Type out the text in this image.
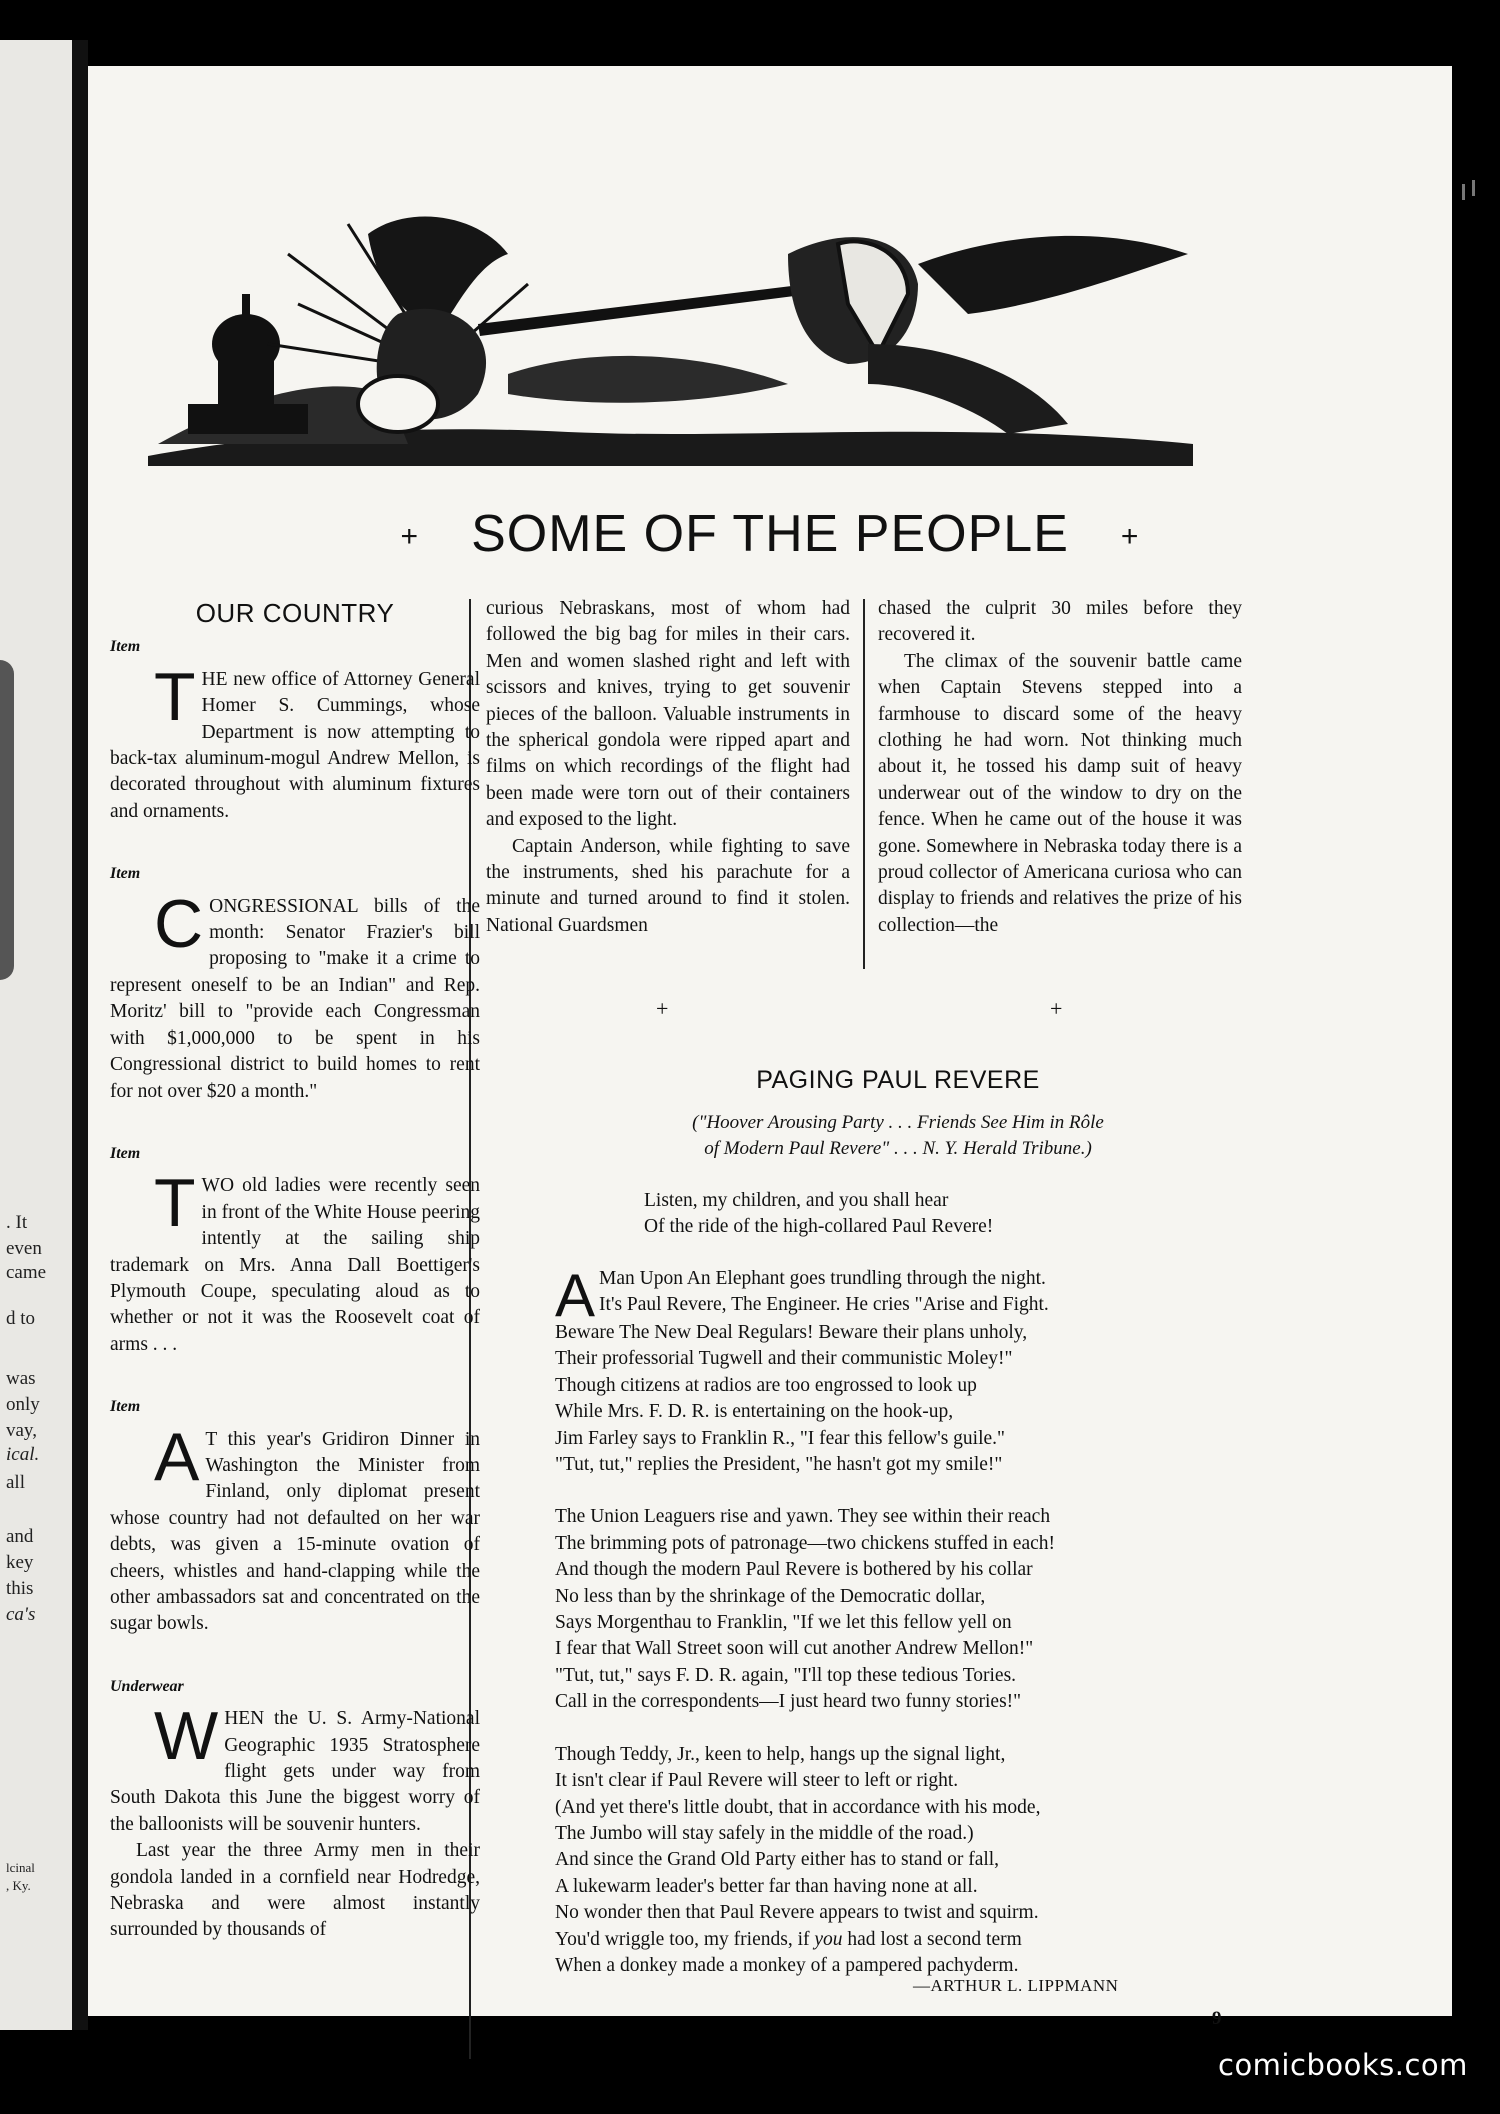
. It
even
came
d to
was
only
vay,
ical.
all
and
key
this
ca's
lcinal
, Ky.
+ SOME OF THE PEOPLE +
OUR COUNTRY
Item

THE new office of Attorney General Homer S. Cummings, whose Department is now attempting to back-tax aluminum-mogul Andrew Mellon, is decorated throughout with aluminum fixtures and ornaments.

Item

CONGRESSIONAL bills of the month: Senator Frazier's bill proposing to "make it a crime to represent oneself to be an Indian" and Rep. Moritz' bill to "provide each Congressman with $1,000,000 to be spent in his Congressional district to build homes to rent for not over $20 a month."

Item

TWO old ladies were recently seen in front of the White House peering intently at the sailing ship trademark on Mrs. Anna Dall Boettiger's Plymouth Coupe, speculating aloud as to whether or not it was the Roosevelt coat of arms . . .

Item

A T this year's Gridiron Dinner in Washington the Minister from Finland, only diplomat present whose country had not defaulted on her war debts, was given a 15-minute ovation of cheers, whistles and hand-clapping while the other ambassadors sat and concentrated on the sugar bowls.

Underwear

WHEN the U. S. Army-National Geographic 1935 Stratosphere flight gets under way from South Dakota this June the biggest worry of the balloonists will be souvenir hunters.

Last year the three Army men in their gondola landed in a cornfield near Hodredge, Nebraska and were almost instantly surrounded by thousands of

curious Nebraskans, most of whom had followed the big bag for miles in their cars. Men and women slashed right and left with scissors and knives, trying to get souvenir pieces of the balloon. Valuable instruments in the spherical gondola were ripped apart and films on which recordings of the flight had been made were torn out of their containers and exposed to the light.

Captain Anderson, while fighting to save the instruments, shed his parachute for a minute and turned around to find it stolen. National Guardsmen

chased the culprit 30 miles before they recovered it.

The climax of the souvenir battle came when Captain Stevens stepped into a farmhouse to discard some of the heavy clothing he had worn. Not thinking much about it, he tossed his damp suit of heavy underwear out of the window to dry on the fence. When he came out of the house it was gone. Somewhere in Nebraska today there is a proud collector of Americana curiosa who can display to friends and relatives the prize of his collection—the

+	+
PAGING PAUL REVERE
("Hoover Arousing Party . . . Friends See Him in Rôle
of Modern Paul Revere" . . . N. Y. Herald Tribune.)
Listen, my children, and you shall hear
Of the ride of the high-collared Paul Revere!
A Man Upon An Elephant goes trundling through the night.
It's Paul Revere, The Engineer. He cries "Arise and Fight.
Beware The New Deal Regulars! Beware their plans unholy,
Their professorial Tugwell and their communistic Moley!"
Though citizens at radios are too engrossed to look up
While Mrs. F. D. R. is entertaining on the hook-up,
Jim Farley says to Franklin R., "I fear this fellow's guile."
"Tut, tut," replies the President, "he hasn't got my smile!"
The Union Leaguers rise and yawn. They see within their reach
The brimming pots of patronage—two chickens stuffed in each!
And though the modern Paul Revere is bothered by his collar
No less than by the shrinkage of the Democratic dollar,
Says Morgenthau to Franklin, "If we let this fellow yell on
I fear that Wall Street soon will cut another Andrew Mellon!"
"Tut, tut," says F. D. R. again, "I'll top these tedious Tories.
Call in the correspondents—I just heard two funny stories!"
Though Teddy, Jr., keen to help, hangs up the signal light,
It isn't clear if Paul Revere will steer to left or right.
(And yet there's little doubt, that in accordance with his mode,
The Jumbo will stay safely in the middle of the road.)
And since the Grand Old Party either has to stand or fall,
A lukewarm leader's better far than having none at all.
No wonder then that Paul Revere appears to twist and squirm.
You'd wriggle too, my friends, if you had lost a second term
When a donkey made a monkey of a pampered pachyderm.
—ARTHUR L. LIPPMANN
9
comicbooks.com
